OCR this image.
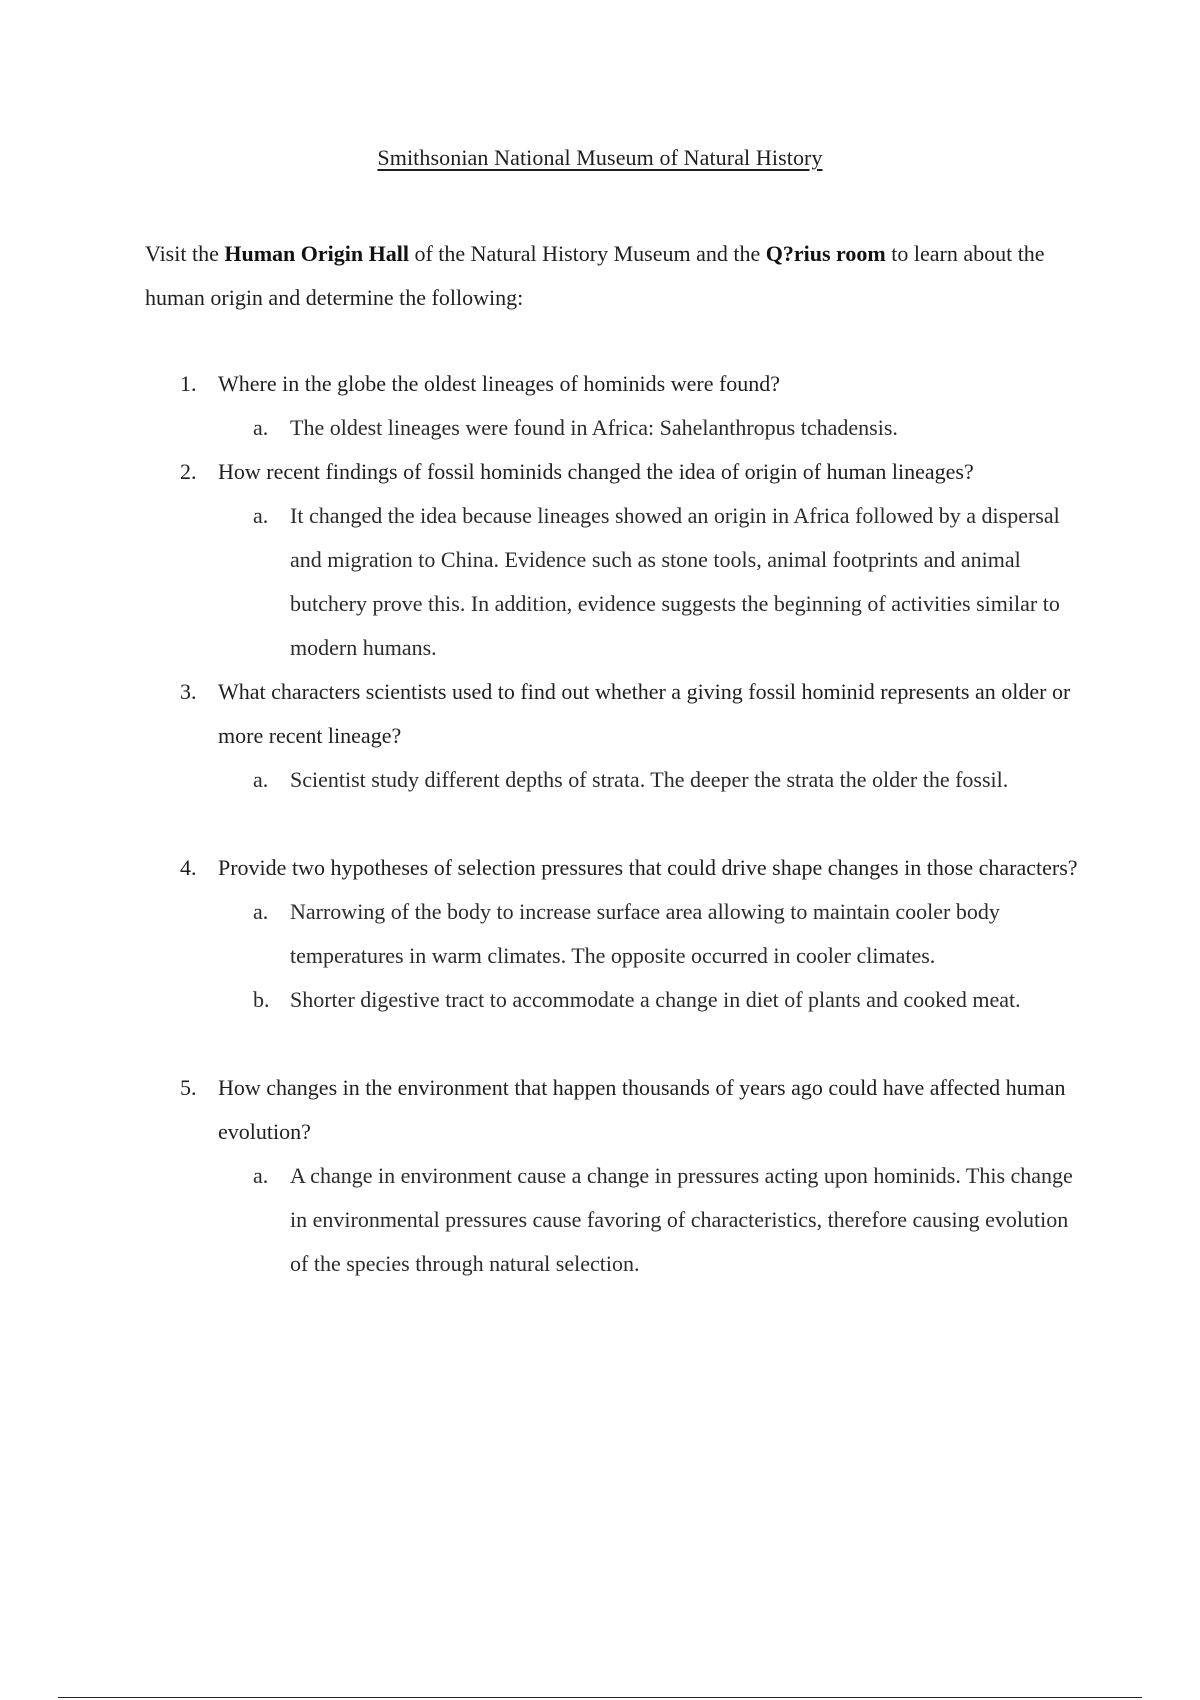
Smithsonian National Museum of Natural History
Visit the Human Origin Hall of the Natural History Museum and the Q?rius room to learn about the human origin and determine the following:
1. Where in the globe the oldest lineages of hominids were found?
a. The oldest lineages were found in Africa: Sahelanthropus tchadensis.
2. How recent findings of fossil hominids changed the idea of origin of human lineages?
a. It changed the idea because lineages showed an origin in Africa followed by a dispersal and migration to China. Evidence such as stone tools, animal footprints and animal butchery prove this. In addition, evidence suggests the beginning of activities similar to modern humans.
3. What characters scientists used to find out whether a giving fossil hominid represents an older or more recent lineage?
a. Scientist study different depths of strata. The deeper the strata the older the fossil.
4. Provide two hypotheses of selection pressures that could drive shape changes in those characters?
a. Narrowing of the body to increase surface area allowing to maintain cooler body temperatures in warm climates. The opposite occurred in cooler climates.
b. Shorter digestive tract to accommodate a change in diet of plants and cooked meat.
5. How changes in the environment that happen thousands of years ago could have affected human evolution?
a. A change in environment cause a change in pressures acting upon hominids. This change in environmental pressures cause favoring of characteristics, therefore causing evolution of the species through natural selection.
